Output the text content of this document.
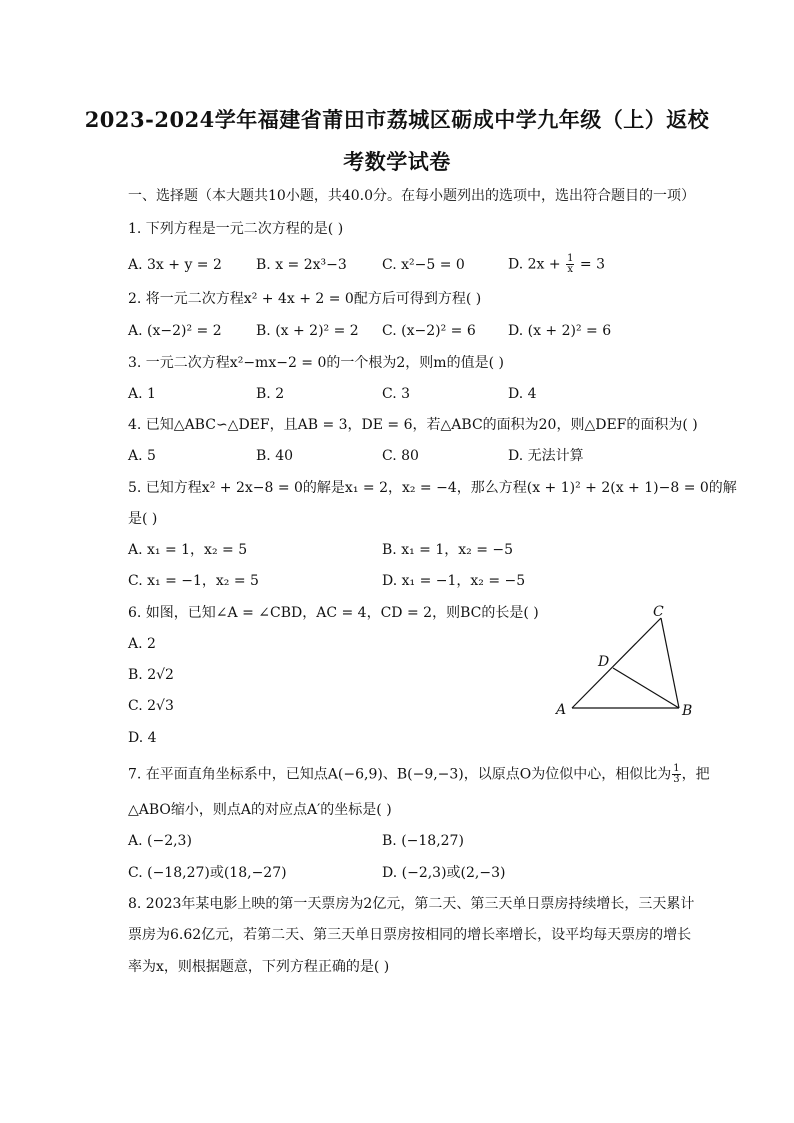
2023-2024学年福建省莆田市荔城区砺成中学九年级（上）返校
考数学试卷
一、选择题（本大题共10小题，共40.0分。在每小题列出的选项中，选出符合题目的一项）
1. 下列方程是一元二次方程的是( )
A. 3x + y = 2 B. x = 2x³−3	C. x²−5 = 0	D. $2x + \frac{1}{x} = 3$
2. 将一元二次方程x² + 4x + 2 = 0配方后可得到方程( )
A. (x−2)² = 2 B. (x + 2)² = 2 C. (x−2)² = 6 D. (x + 2)² = 6
3. 一元二次方程x²−mx−2 = 0的一个根为2，则m的值是( )
A. 1	B. 2	C. 3	D. 4
4. 已知△ABC∽△DEF，且AB = 3，DE = 6，若△ABC的面积为20，则△DEF的面积为( )
A. 5	B. 40	C. 80	D. 无法计算
5. 已知方程x² + 2x−8 = 0的解是x₁ = 2，x₂ = −4，那么方程(x + 1)² + 2(x + 1)−8 = 0的解
是( )
A. x₁ = 1，x₂ = 5	B. x₁ = 1，x₂ = −5
C. x₁ = −1，x₂ = 5	D. x₁ = −1，x₂ = −5
6. 如图，已知∠A = ∠CBD，AC = 4，CD = 2，则BC的长是( )
A. 2
B. 2√2
C. 2√3
D. 4
A	B
C
D
7. 在平面直角坐标系中，已知点A(−6,9)、B(−9,−3)，以原点O为位似中心，相似比为 $\frac{1}{3}$ ，把
△ABO缩小，则点A的对应点A′的坐标是( )
A. (−2,3)	B. (−18,27)
C. (−18,27)或(18,−27)	D. (−2,3)或(2,−3)
8. 2023年某电影上映的第一天票房为2亿元，第二天、第三天单日票房持续增长，三天累计
票房为6.62亿元，若第二天、第三天单日票房按相同的增长率增长，设平均每天票房的增长
率为x，则根据题意，下列方程正确的是( )
